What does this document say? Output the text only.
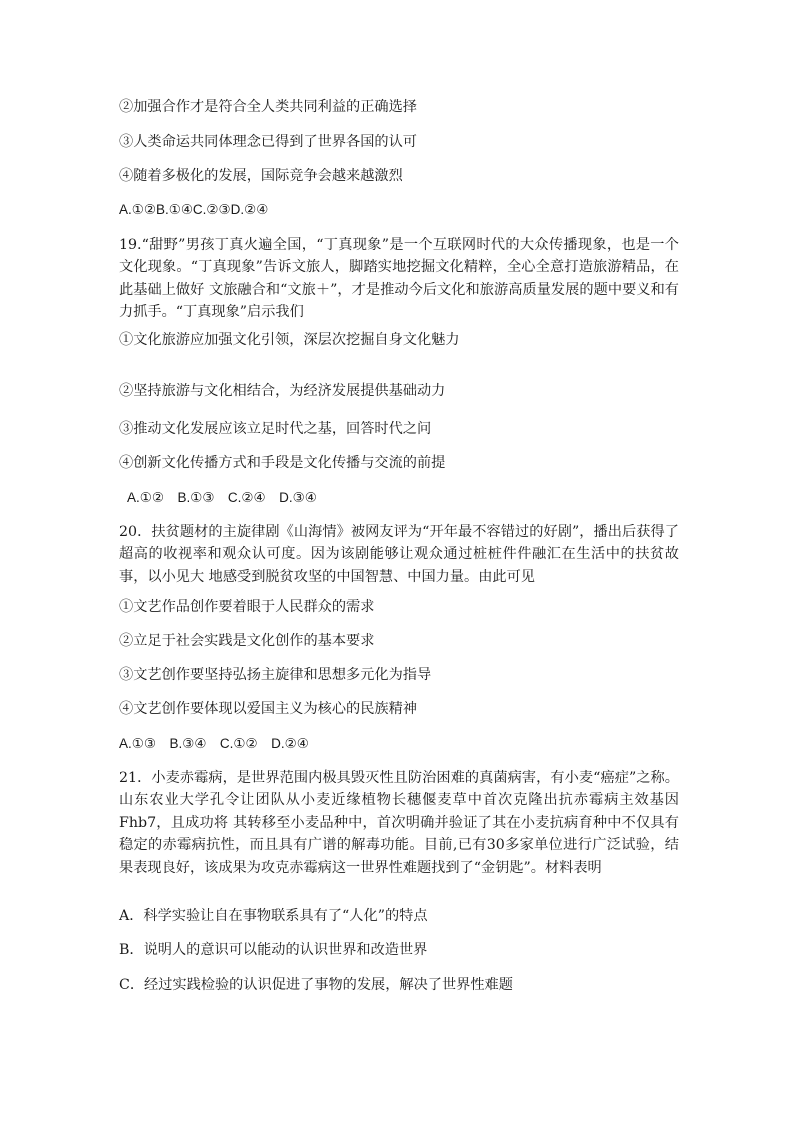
②加强合作才是符合全人类共同利益的正确选择
③人类命运共同体理念已得到了世界各国的认可
④随着多极化的发展，国际竞争会越来越激烈
A.①②B.①④C.②③D.②④
19.“甜野”男孩丁真火遍全国，“丁真现象”是一个互联网时代的大众传播现象，也是一个文化现象。“丁真现象”告诉文旅人，脚踏实地挖掘文化精粹，全心全意打造旅游精品，在此基础上做好 文旅融合和“文旅＋”，才是推动今后文化和旅游高质量发展的题中要义和有力抓手。“丁真现象”启示我们
①文化旅游应加强文化引领，深层次挖掘自身文化魅力
②坚持旅游与文化相结合，为经济发展提供基础动力
③推动文化发展应该立足时代之基，回答时代之问
④创新文化传播方式和手段是文化传播与交流的前提
A.①②　B.①③　C.②④　D.③④
20．扶贫题材的主旋律剧《山海情》被网友评为“开年最不容错过的好剧”，播出后获得了超高的收视率和观众认可度。因为该剧能够让观众通过桩桩件件融汇在生活中的扶贫故事，以小见大 地感受到脱贫攻坚的中国智慧、中国力量。由此可见
①文艺作品创作要着眼于人民群众的需求
②立足于社会实践是文化创作的基本要求
③文艺创作要坚持弘扬主旋律和思想多元化为指导
④文艺创作要体现以爱国主义为核心的民族精神
A.①③　B.③④　C.①②　D.②④
21．小麦赤霉病，是世界范围内极具毁灭性且防治困难的真菌病害，有小麦“癌症”之称。山东农业大学孔令让团队从小麦近缘植物长穗偃麦草中首次克隆出抗赤霉病主效基因Fhb7，且成功将 其转移至小麦品种中，首次明确并验证了其在小麦抗病育种中不仅具有稳定的赤霉病抗性，而且具有广谱的解毒功能。目前,已有30多家单位进行广泛试验，结果表现良好，该成果为攻克赤霉病这一世界性难题找到了“金钥匙”。材料表明
A．科学实验让自在事物联系具有了“人化”的特点
B．说明人的意识可以能动的认识世界和改造世界
C．经过实践检验的认识促进了事物的发展，解决了世界性难题
